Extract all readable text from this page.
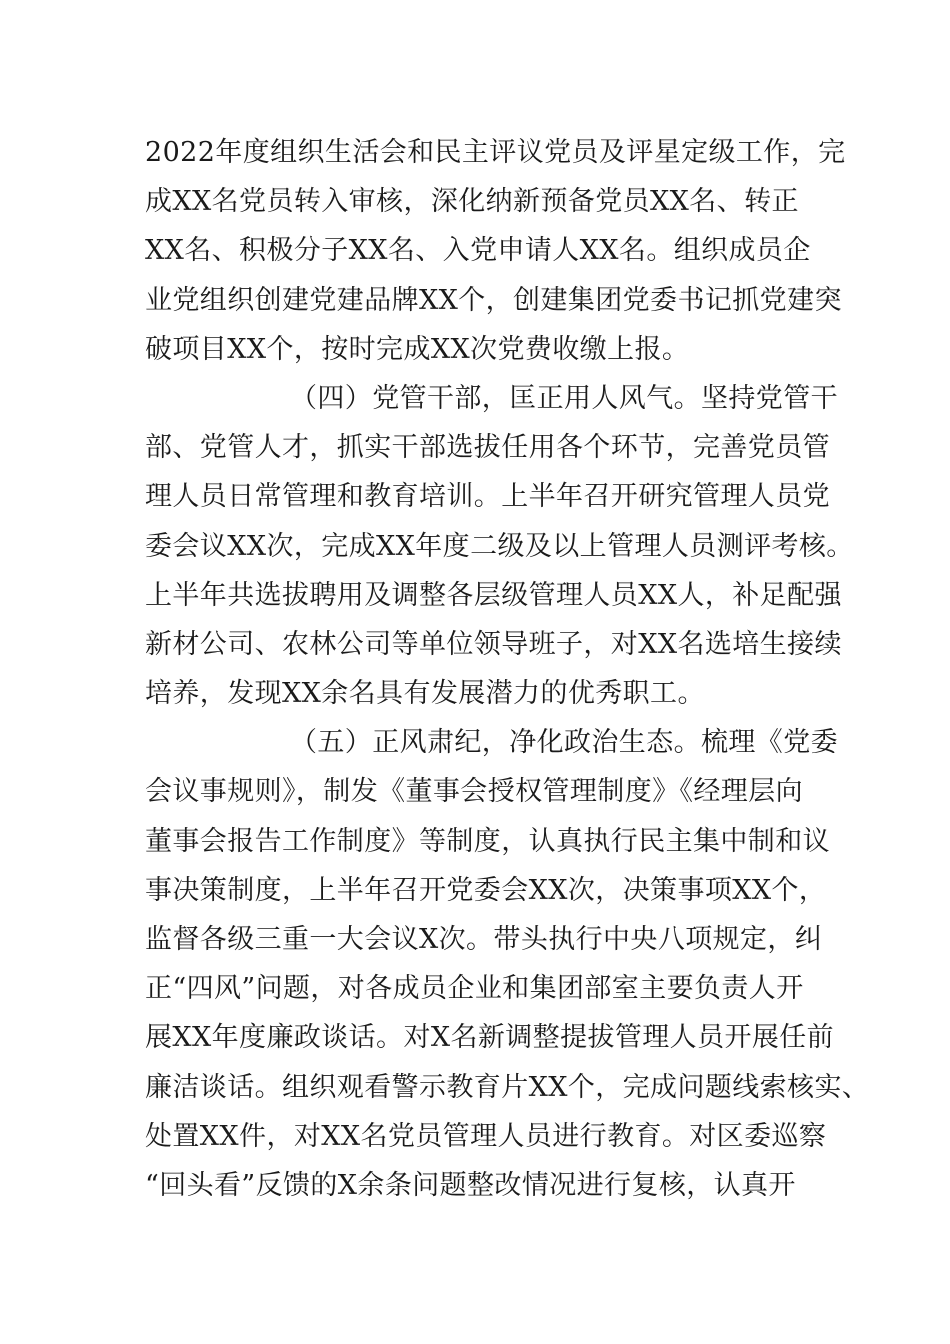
2022年度组织生活会和民主评议党员及评星定级工作，完
成XX名党员转入审核，深化纳新预备党员XX名、转正
XX名、积极分子XX名、入党申请人XX名。组织成员企
业党组织创建党建品牌XX个，创建集团党委书记抓党建突
破项目XX个，按时完成XX次党费收缴上报。
（四）党管干部，匡正用人风气。坚持党管干
部、党管人才，抓实干部选拔任用各个环节，完善党员管
理人员日常管理和教育培训。上半年召开研究管理人员党
委会议XX次，完成XX年度二级及以上管理人员测评考核。
上半年共选拔聘用及调整各层级管理人员XX人，补足配强
新材公司、农林公司等单位领导班子，对XX名选培生接续
培养，发现XX余名具有发展潜力的优秀职工。
（五）正风肃纪，净化政治生态。梳理《党委
会议事规则》，制发《董事会授权管理制度》《经理层向
董事会报告工作制度》等制度，认真执行民主集中制和议
事决策制度，上半年召开党委会XX次，决策事项XX个，
监督各级三重一大会议X次。带头执行中央八项规定，纠
正“四风”问题，对各成员企业和集团部室主要负责人开
展XX年度廉政谈话。对X名新调整提拔管理人员开展任前
廉洁谈话。组织观看警示教育片XX个，完成问题线索核实、
处置XX件，对XX名党员管理人员进行教育。对区委巡察
“回头看”反馈的X余条问题整改情况进行复核，认真开
